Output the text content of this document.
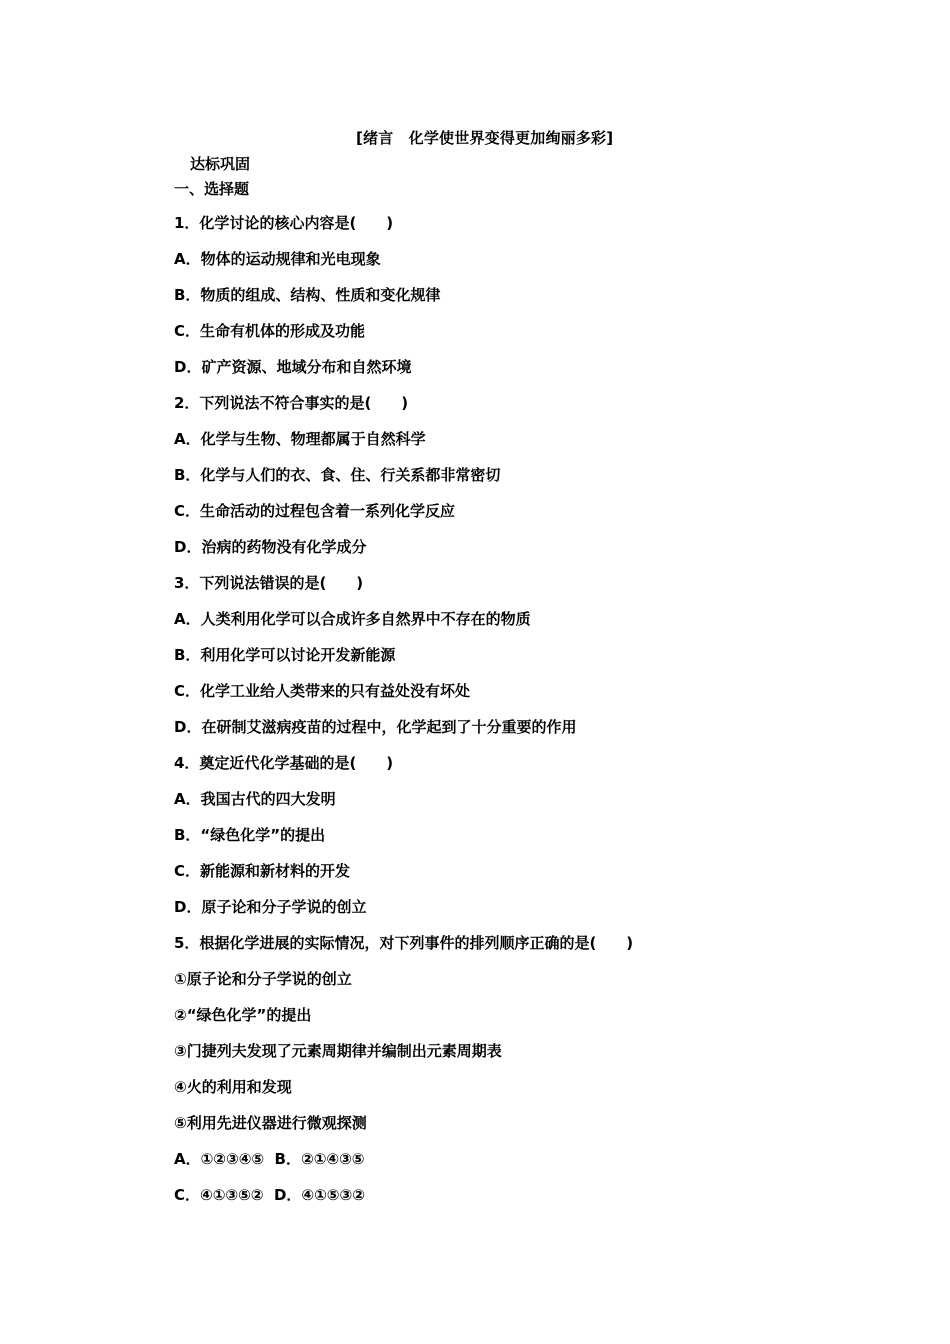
[绪言　化学使世界变得更加绚丽多彩]
达标巩固
一、选择题
1．化学讨论的核心内容是(　　)
A．物体的运动规律和光电现象
B．物质的组成、结构、性质和变化规律
C．生命有机体的形成及功能
D．矿产资源、地域分布和自然环境
2．下列说法不符合事实的是(　　)
A．化学与生物、物理都属于自然科学
B．化学与人们的衣、食、住、行关系都非常密切
C．生命活动的过程包含着一系列化学反应
D．治病的药物没有化学成分
3．下列说法错误的是(　　)
A．人类利用化学可以合成许多自然界中不存在的物质
B．利用化学可以讨论开发新能源
C．化学工业给人类带来的只有益处没有坏处
D．在研制艾滋病疫苗的过程中，化学起到了十分重要的作用
4．奠定近代化学基础的是(　　)
A．我国古代的四大发明
B．“绿色化学”的提出
C．新能源和新材料的开发
D．原子论和分子学说的创立
5．根据化学进展的实际情况，对下列事件的排列顺序正确的是(　　)
①原子论和分子学说的创立
②“绿色化学”的提出
③门捷列夫发现了元素周期律并编制出元素周期表
④火的利用和发现
⑤利用先进仪器进行微观探测
A．①②③④⑤  B．②①④③⑤
C．④①③⑤②  D．④①⑤③②
